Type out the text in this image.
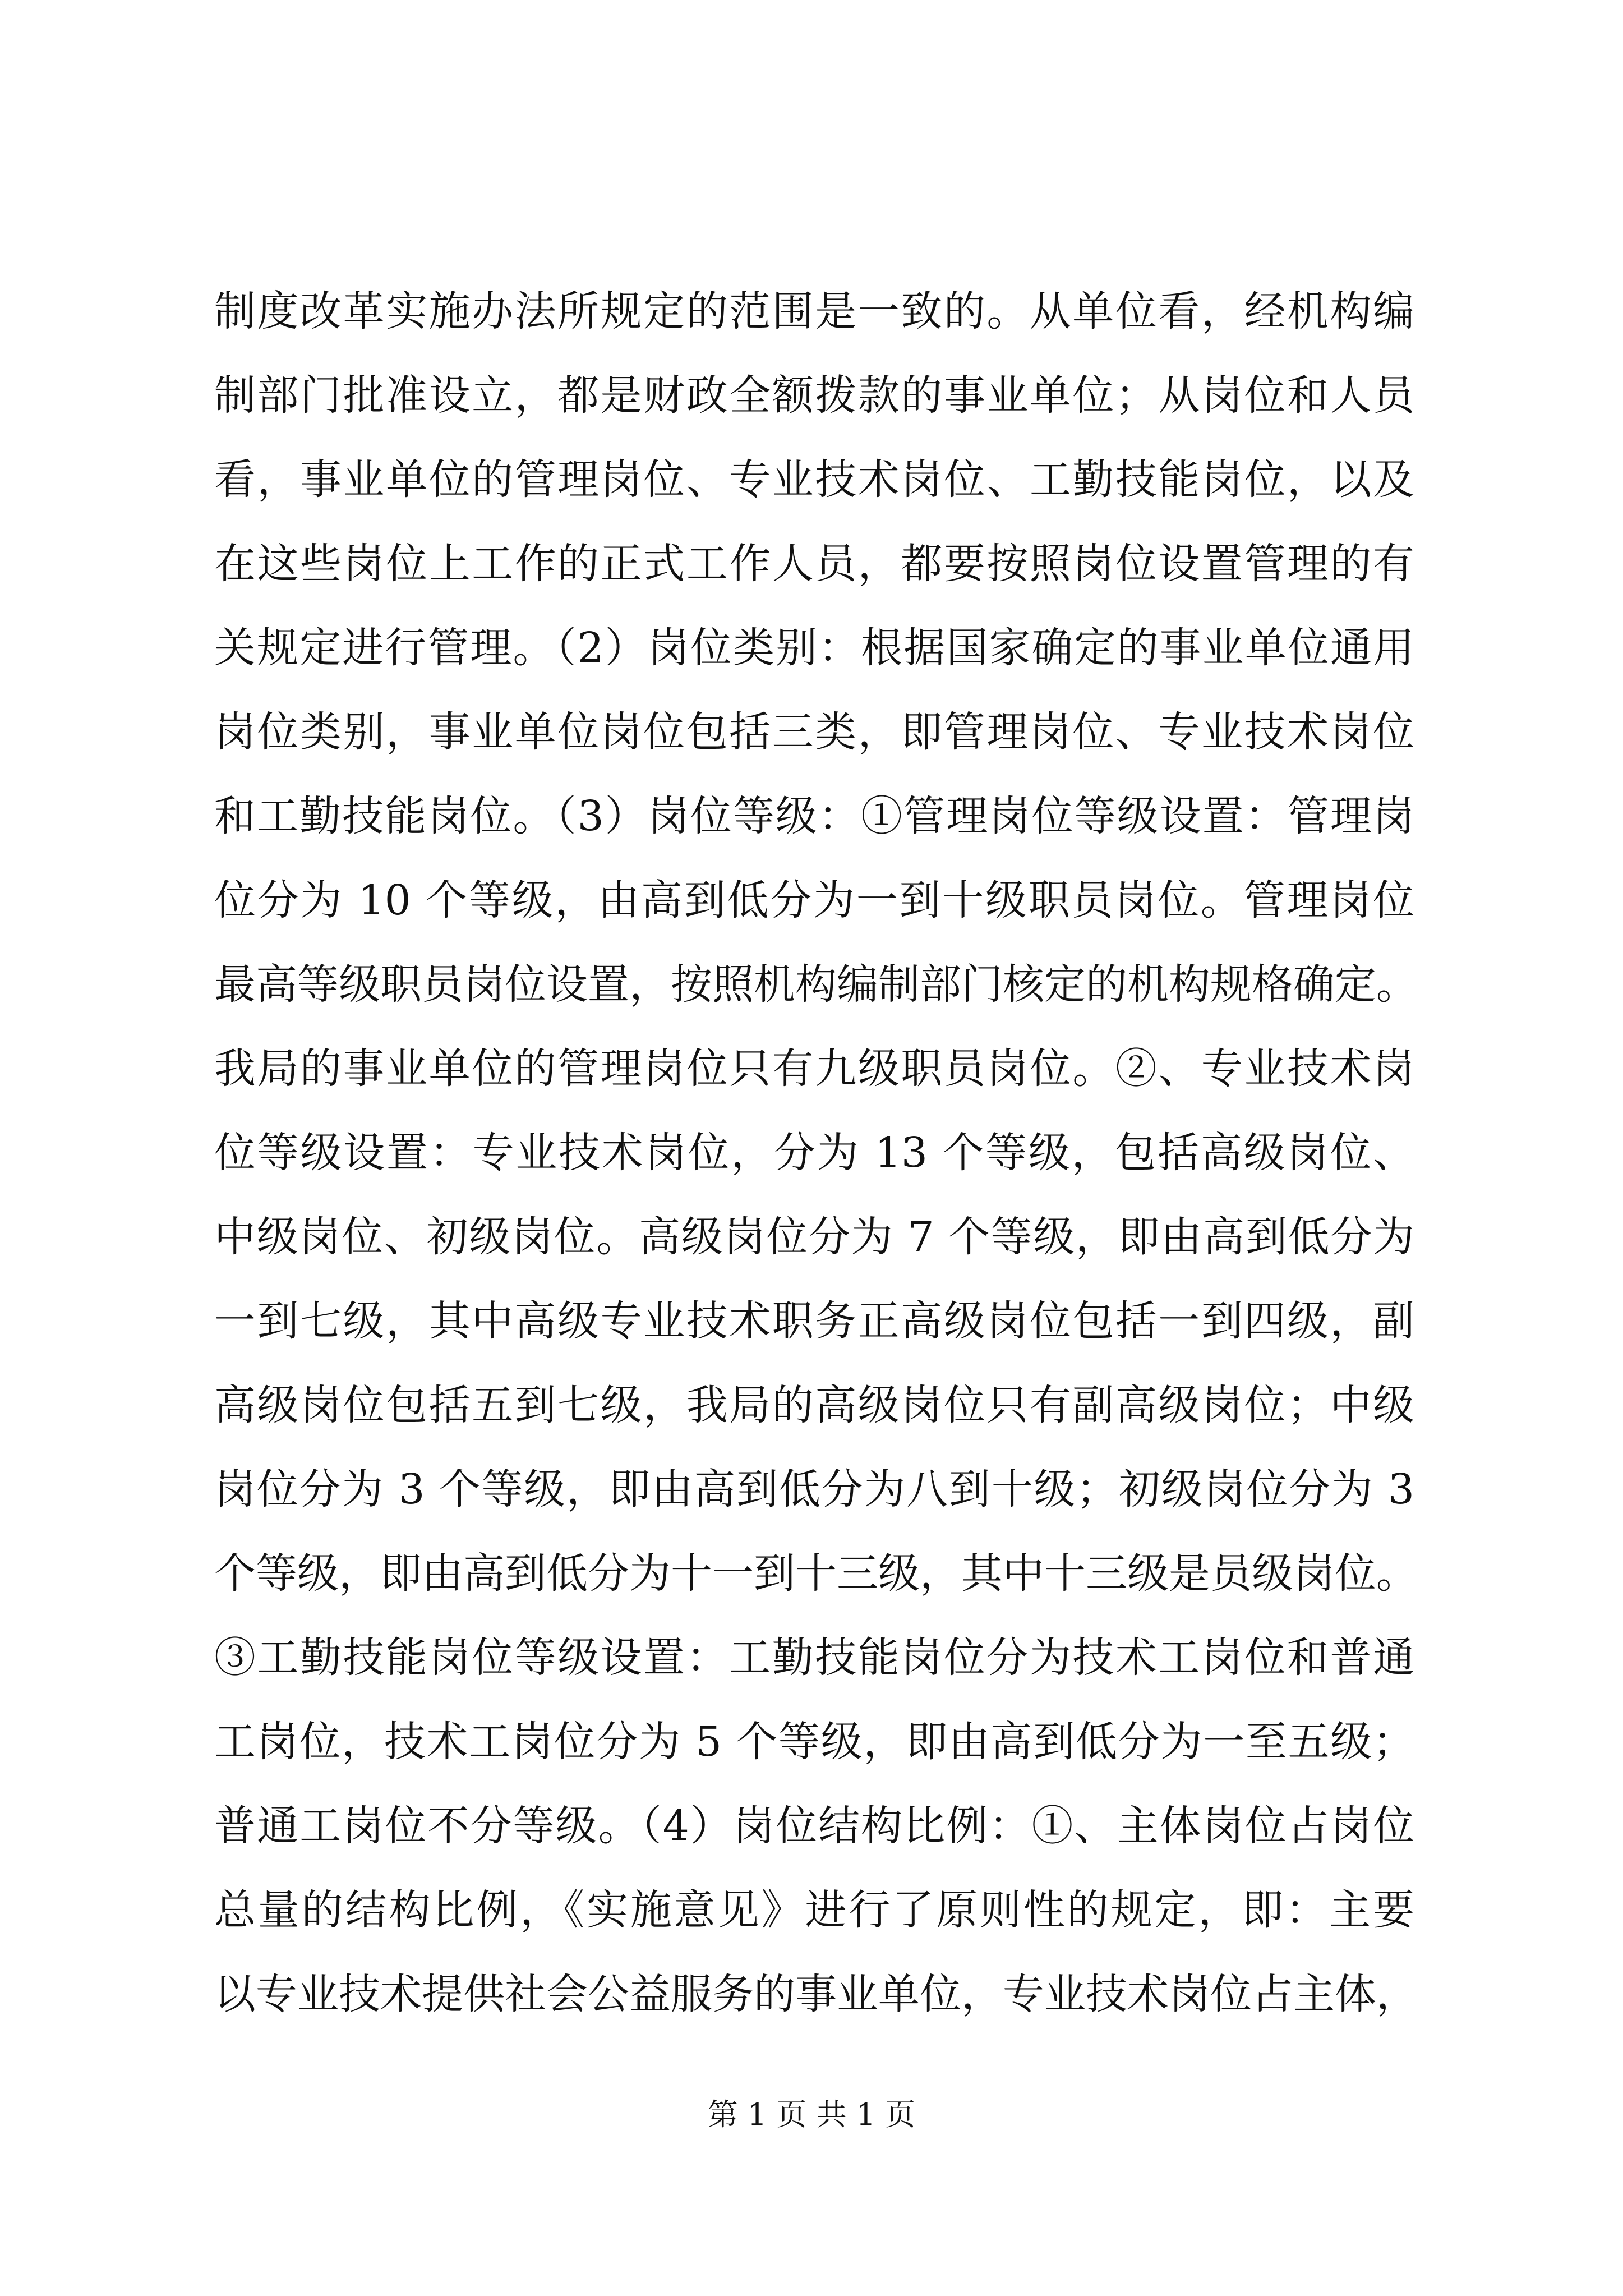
制度改革实施办法所规定的范围是一致的。从单位看，经机构编
制部门批准设立，都是财政全额拨款的事业单位；从岗位和人员
看，事业单位的管理岗位、专业技术岗位、工勤技能岗位，以及
在这些岗位上工作的正式工作人员，都要按照岗位设置管理的有
关规定进行管理。（2）岗位类别：根据国家确定的事业单位通用
岗位类别，事业单位岗位包括三类，即管理岗位、专业技术岗位
和工勤技能岗位。（3）岗位等级：①管理岗位等级设置：管理岗
位分为 10 个等级，由高到低分为一到十级职员岗位。管理岗位
最高等级职员岗位设置，按照机构编制部门核定的机构规格确定。
我局的事业单位的管理岗位只有九级职员岗位。②、专业技术岗
位等级设置：专业技术岗位，分为 13 个等级，包括高级岗位、
中级岗位、初级岗位。高级岗位分为 7 个等级，即由高到低分为
一到七级，其中高级专业技术职务正高级岗位包括一到四级，副
高级岗位包括五到七级，我局的高级岗位只有副高级岗位；中级
岗位分为 3 个等级，即由高到低分为八到十级；初级岗位分为 3
个等级，即由高到低分为十一到十三级，其中十三级是员级岗位。
③工勤技能岗位等级设置：工勤技能岗位分为技术工岗位和普通
工岗位，技术工岗位分为 5 个等级，即由高到低分为一至五级；
普通工岗位不分等级。（4）岗位结构比例：①、主体岗位占岗位
总量的结构比例，《实施意见》进行了原则性的规定，即：主要
以专业技术提供社会公益服务的事业单位，专业技术岗位占主体，
第 1 页 共 1 页
